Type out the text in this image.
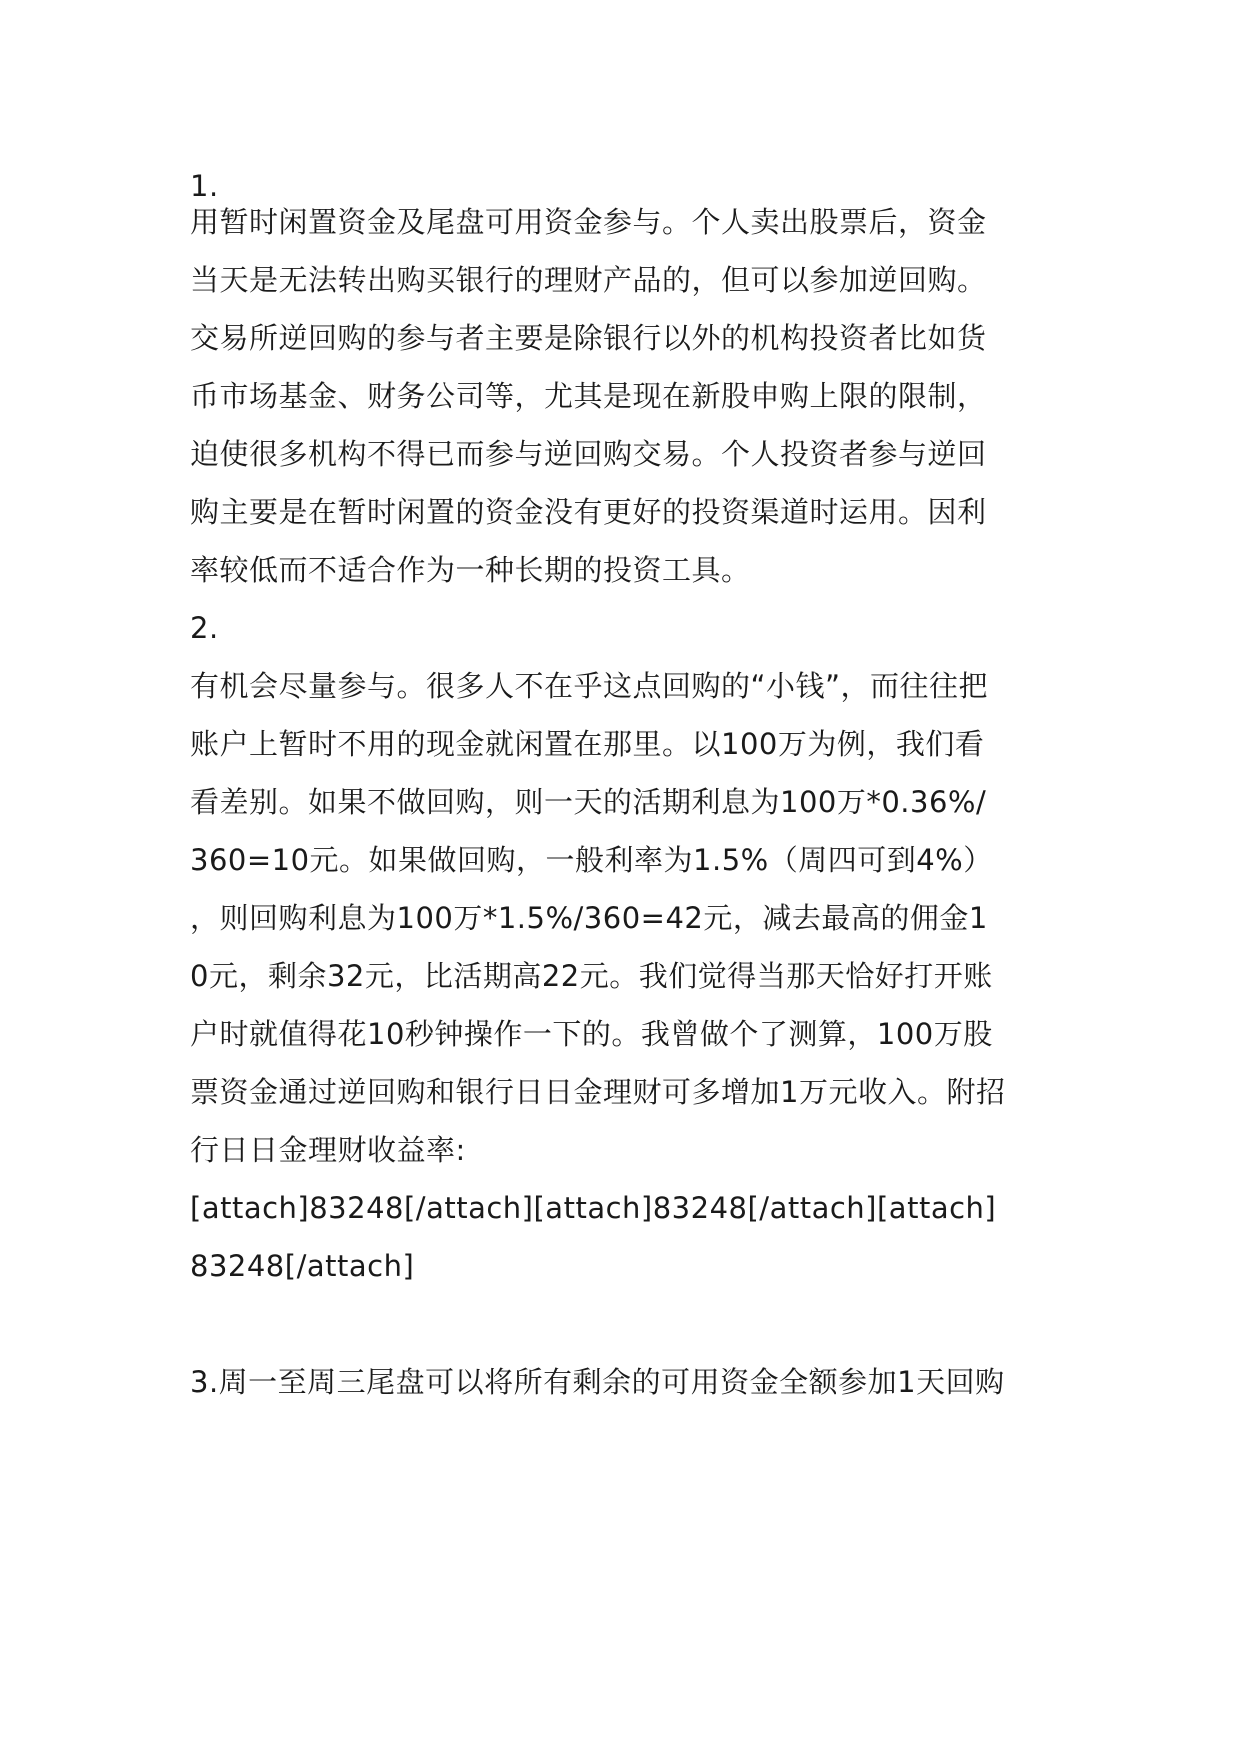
1.
用暂时闲置资金及尾盘可用资金参与。个人卖出股票后，资金
当天是无法转出购买银行的理财产品的，但可以参加逆回购。
交易所逆回购的参与者主要是除银行以外的机构投资者比如货
币市场基金、财务公司等，尤其是现在新股申购上限的限制，
迫使很多机构不得已而参与逆回购交易。个人投资者参与逆回
购主要是在暂时闲置的资金没有更好的投资渠道时运用。因利
率较低而不适合作为一种长期的投资工具。
2.
有机会尽量参与。很多人不在乎这点回购的“小钱”，而往往把
账户上暂时不用的现金就闲置在那里。以100万为例，我们看
看差别。如果不做回购，则一天的活期利息为100万*0.36%/
360=10元。如果做回购，一般利率为1.5%（周四可到4%）
，则回购利息为100万*1.5%/360=42元，减去最高的佣金1
0元，剩余32元，比活期高22元。我们觉得当那天恰好打开账
户时就值得花10秒钟操作一下的。我曾做个了测算，100万股
票资金通过逆回购和银行日日金理财可多增加1万元收入。附招
行日日金理财收益率:
[attach]83248[/attach][attach]83248[/attach][attach]
83248[/attach]
3.周一至周三尾盘可以将所有剩余的可用资金全额参加1天回购
